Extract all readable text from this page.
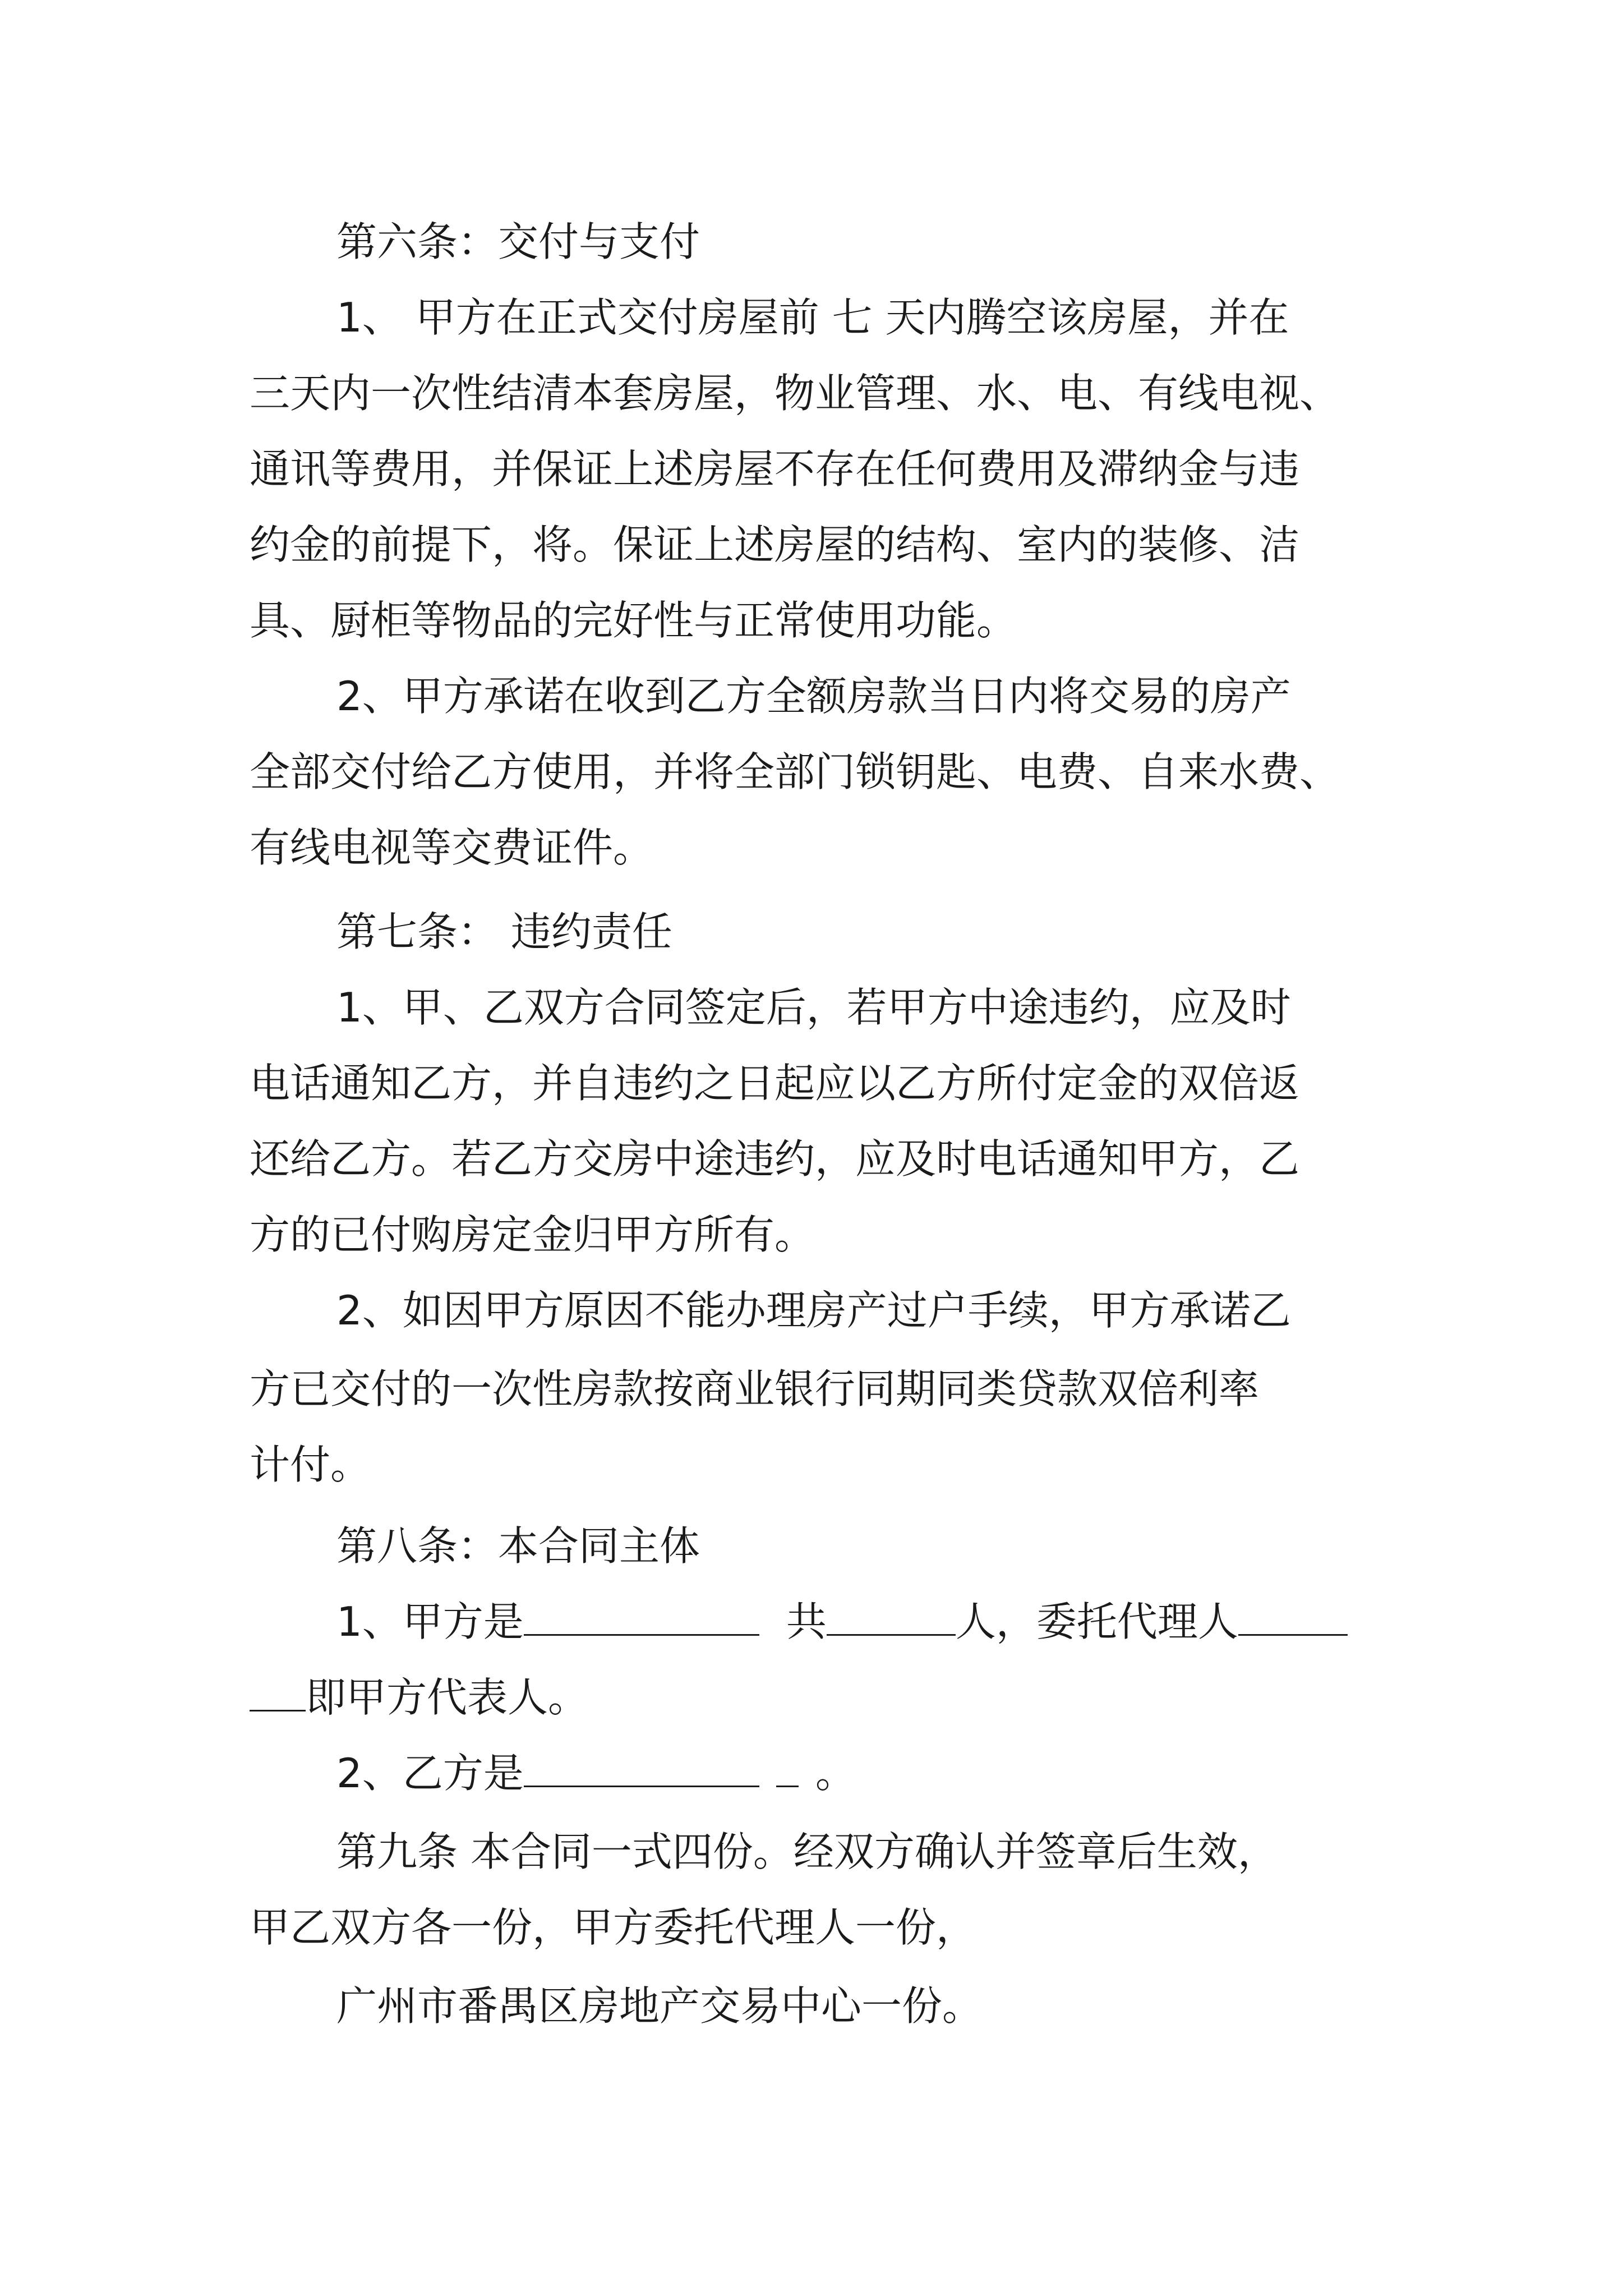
第六条：交付与支付
1、 甲方在正式交付房屋前 七 天内腾空该房屋，并在
三天内一次性结清本套房屋，物业管理、水、电、有线电视、
通讯等费用，并保证上述房屋不存在任何费用及滞纳金与违
约金的前提下，将。保证上述房屋的结构、室内的装修、洁
具、厨柜等物品的完好性与正常使用功能。
2、甲方承诺在收到乙方全额房款当日内将交易的房产
全部交付给乙方使用，并将全部门锁钥匙、电费、自来水费、
有线电视等交费证件。
第七条： 违约责任
1、甲、乙双方合同签定后，若甲方中途违约，应及时
电话通知乙方，并自违约之日起应以乙方所付定金的双倍返
还给乙方。若乙方交房中途违约，应及时电话通知甲方，乙
方的已付购房定金归甲方所有。
2、如因甲方原因不能办理房产过户手续，甲方承诺乙
方已交付的一次性房款按商业银行同期同类贷款双倍利率
计付。
第八条：本合同主体
1、甲方是	共	人，委托代理人
即甲方代表人。
2、乙方是	。
第九条 本合同一式四份。经双方确认并签章后生效，
甲乙双方各一份，甲方委托代理人一份，
广州市番禺区房地产交易中心一份。
